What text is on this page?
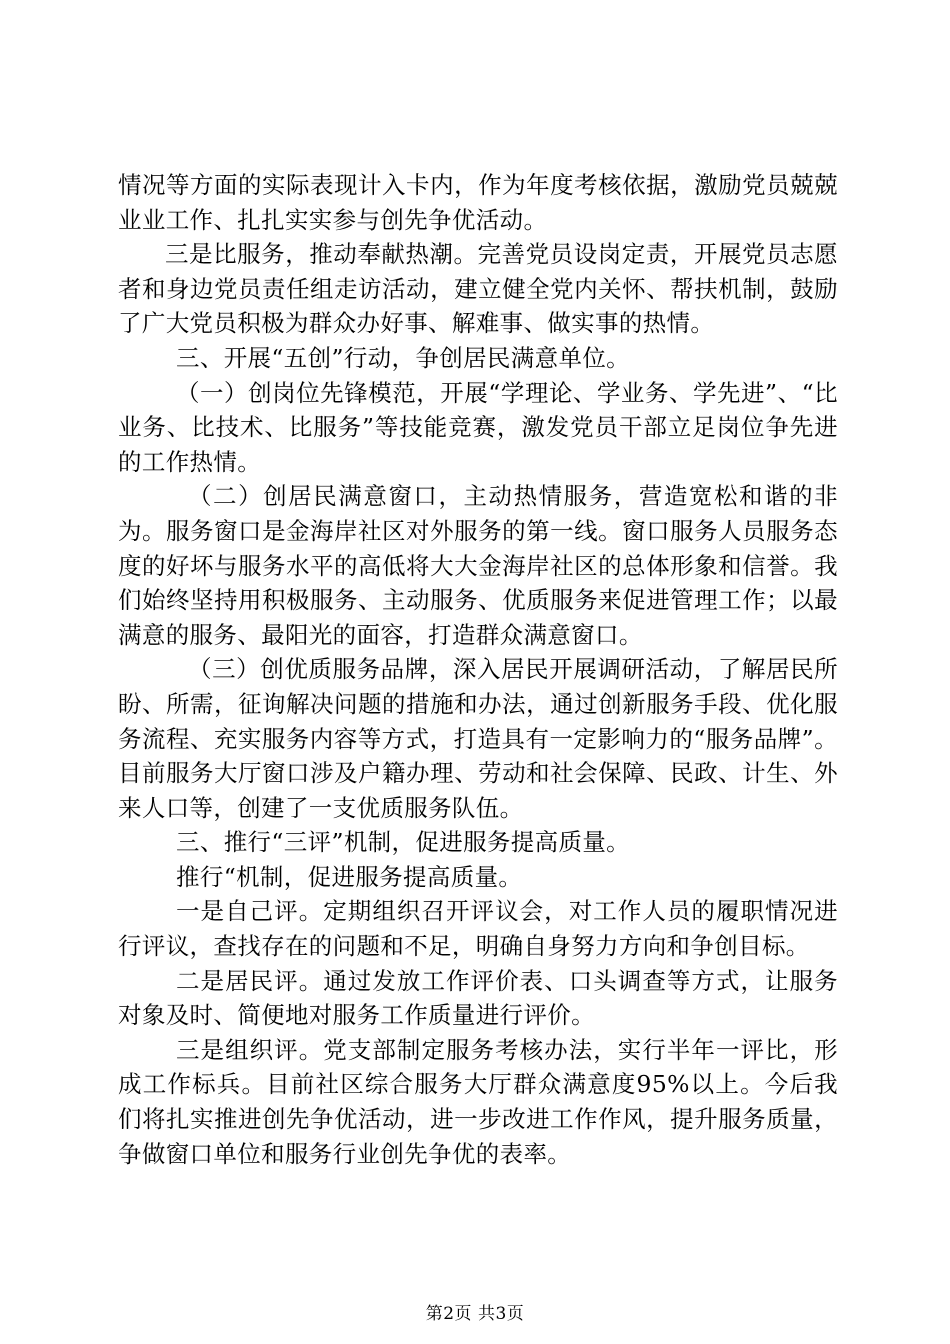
情况等方面的实际表现计入卡内，作为年度考核依据，激励党员兢兢业业工作、扎扎实实参与创先争优活动。

三是比服务，推动奉献热潮。完善党员设岗定责，开展党员志愿者和身边党员责任组走访活动，建立健全党内关怀、帮扶机制，鼓励了广大党员积极为群众办好事、解难事、做实事的热情。

三、开展“五创”行动，争创居民满意单位。

（一）创岗位先锋模范，开展“学理论、学业务、学先进”、“比业务、比技术、比服务”等技能竞赛，激发党员干部立足岗位争先进的工作热情。

（二）创居民满意窗口，主动热情服务，营造宽松和谐的非为。服务窗口是金海岸社区对外服务的第一线。窗口服务人员服务态度的好坏与服务水平的高低将大大金海岸社区的总体形象和信誉。我们始终坚持用积极服务、主动服务、优质服务来促进管理工作；以最满意的服务、最阳光的面容，打造群众满意窗口。

（三）创优质服务品牌，深入居民开展调研活动，了解居民所盼、所需，征询解决问题的措施和办法，通过创新服务手段、优化服务流程、充实服务内容等方式，打造具有一定影响力的“服务品牌”。目前服务大厅窗口涉及户籍办理、劳动和社会保障、民政、计生、外来人口等，创建了一支优质服务队伍。

三、推行“三评”机制，促进服务提高质量。

推行“机制，促进服务提高质量。

一是自己评。定期组织召开评议会，对工作人员的履职情况进行评议，查找存在的问题和不足，明确自身努力方向和争创目标。

二是居民评。通过发放工作评价表、口头调查等方式，让服务对象及时、简便地对服务工作质量进行评价。

三是组织评。党支部制定服务考核办法，实行半年一评比，形成工作标兵。目前社区综合服务大厅群众满意度95%以上。今后我们将扎实推进创先争优活动，进一步改进工作作风，提升服务质量，争做窗口单位和服务行业创先争优的表率。

第2页 共3页
